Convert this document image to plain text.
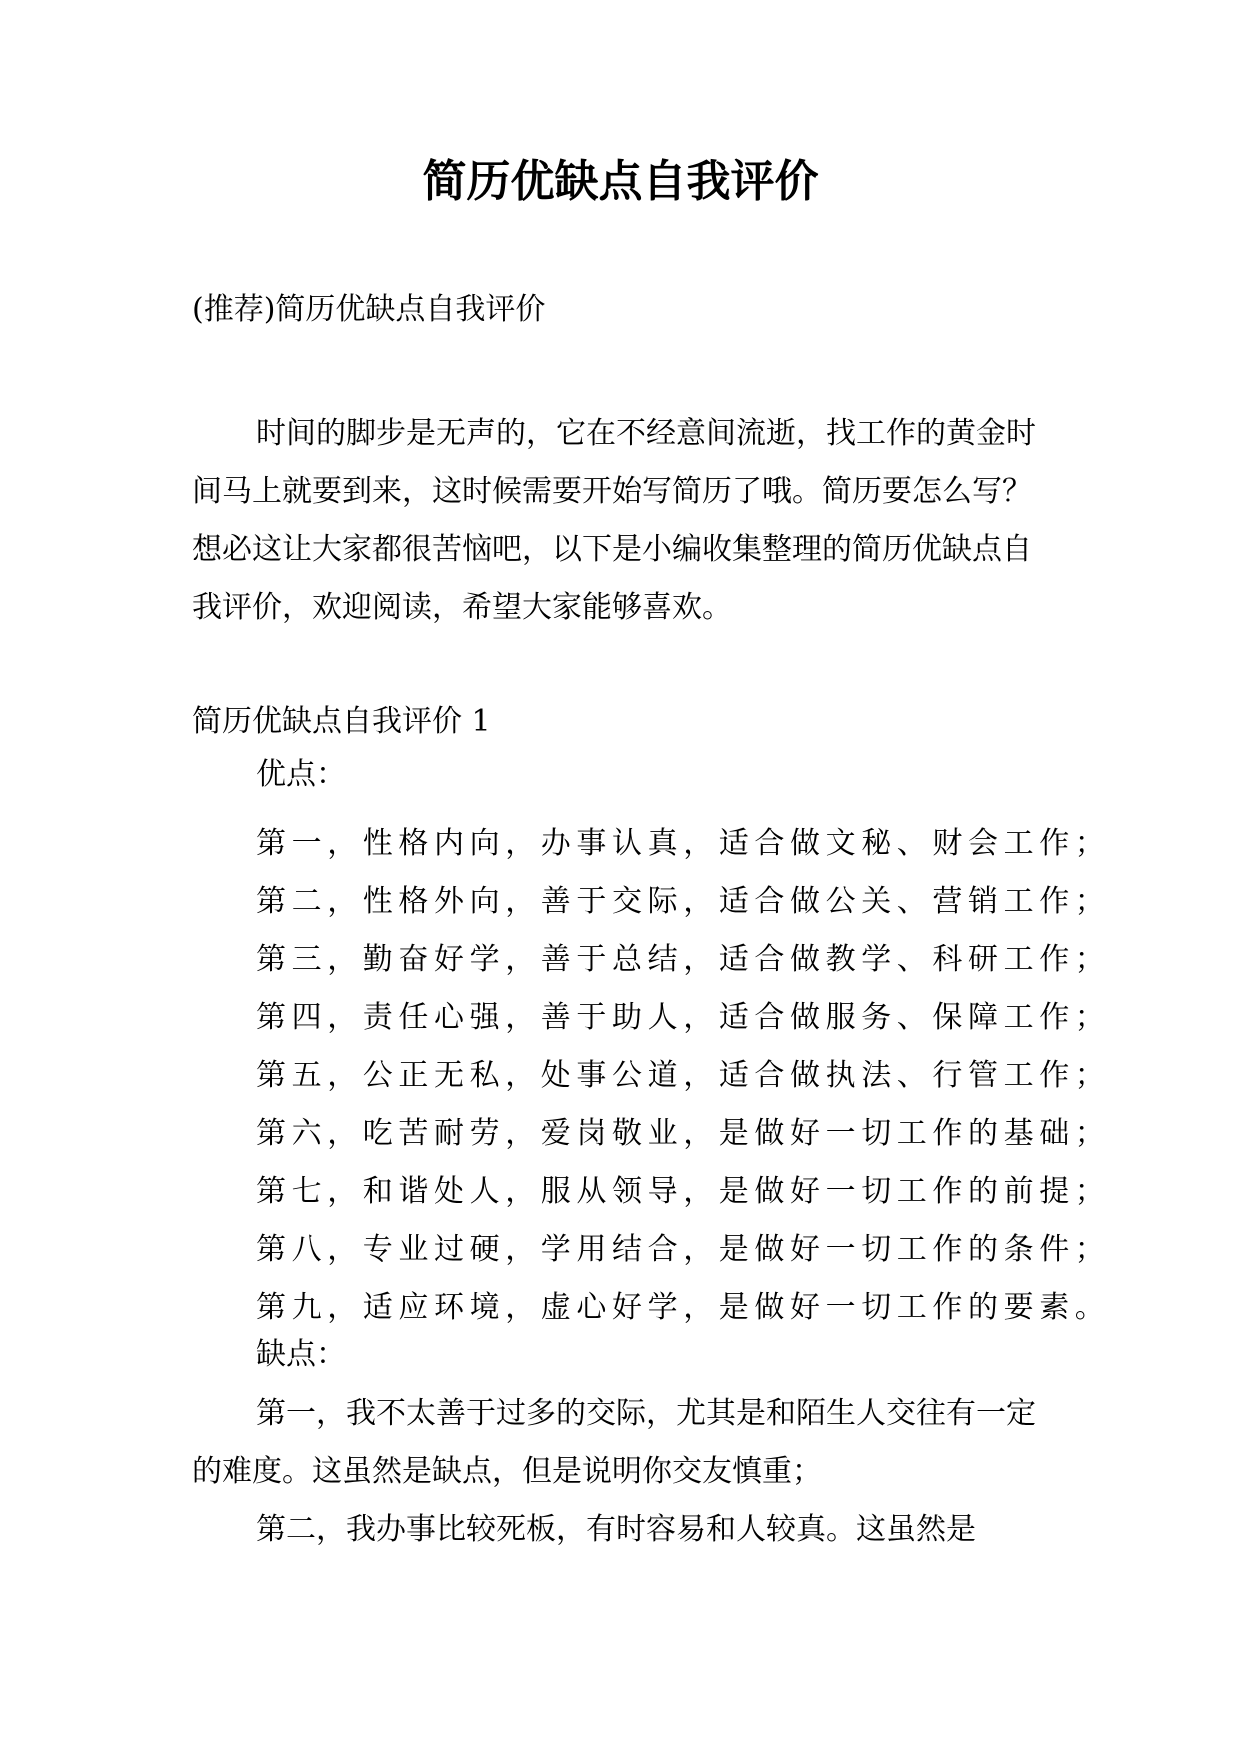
简历优缺点自我评价
(推荐)简历优缺点自我评价

时间的脚步是无声的，它在不经意间流逝，找工作的黄金时间马上就要到来，这时候需要开始写简历了哦。简历要怎么写？想必这让大家都很苦恼吧，以下是小编收集整理的简历优缺点自我评价，欢迎阅读，希望大家能够喜欢。

简历优缺点自我评价 1
优点：
第一，性格内向，办事认真，适合做文秘、财会工作；
第二，性格外向，善于交际，适合做公关、营销工作；
第三，勤奋好学，善于总结，适合做教学、科研工作；
第四，责任心强，善于助人，适合做服务、保障工作；
第五，公正无私，处事公道，适合做执法、行管工作；
第六，吃苦耐劳，爱岗敬业，是做好一切工作的基础；
第七，和谐处人，服从领导，是做好一切工作的前提；
第八，专业过硬，学用结合，是做好一切工作的条件；
第九，适应环境，虚心好学，是做好一切工作的要素。
缺点：

第一，我不太善于过多的交际，尤其是和陌生人交往有一定的难度。这虽然是缺点，但是说明你交友慎重；

第二，我办事比较死板，有时容易和人较真。这虽然是
